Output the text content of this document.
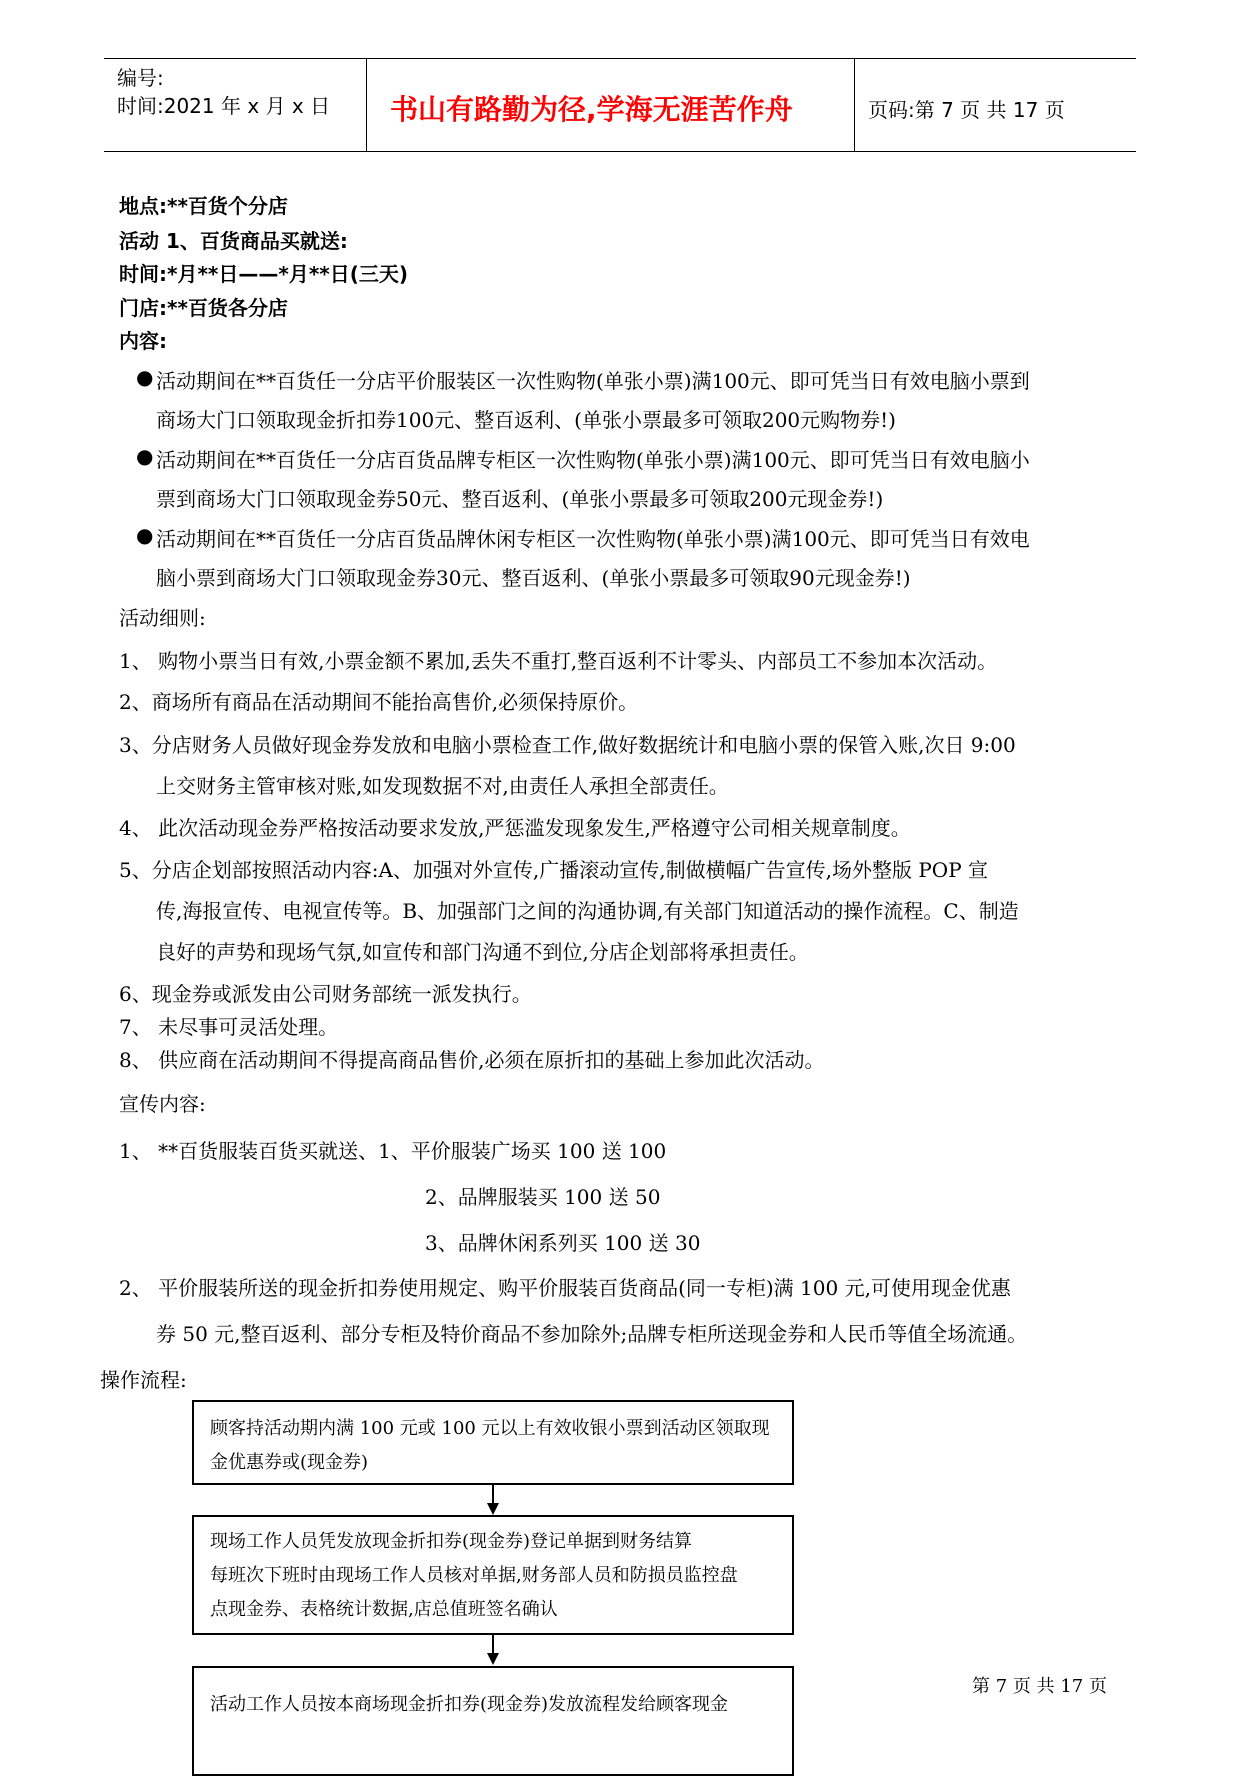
编号:
时间:2021 年 x 月 x 日 书山有路勤为径,学海无涯苦作舟	页码:第 7 页 共 17 页
地点:**百货个分店
活动 1、百货商品买就送:
时间:*月**日——*月**日(三天)
门店:**百货各分店
内容:
● 活动期间在**百货任一分店平价服装区一次性购物(单张小票)满100元、即可凭当日有效电脑小票到
商场大门口领取现金折扣券100元、整百返利、(单张小票最多可领取200元购物券!)
● 活动期间在**百货任一分店百货品牌专柜区一次性购物(单张小票)满100元、即可凭当日有效电脑小
票到商场大门口领取现金券50元、整百返利、(单张小票最多可领取200元现金券!)
● 活动期间在**百货任一分店百货品牌休闲专柜区一次性购物(单张小票)满100元、即可凭当日有效电
脑小票到商场大门口领取现金券30元、整百返利、(单张小票最多可领取90元现金券!)
活动细则:
1、 购物小票当日有效,小票金额不累加,丢失不重打,整百返利不计零头、内部员工不参加本次活动。
2、商场所有商品在活动期间不能抬高售价,必须保持原价。
3、分店财务人员做好现金券发放和电脑小票检查工作,做好数据统计和电脑小票的保管入账,次日 9:00
上交财务主管审核对账,如发现数据不对,由责任人承担全部责任。
4、 此次活动现金券严格按活动要求发放,严惩滥发现象发生,严格遵守公司相关规章制度。
5、分店企划部按照活动内容:A、加强对外宣传,广播滚动宣传,制做横幅广告宣传,场外整版 POP 宣
传,海报宣传、电视宣传等。B、加强部门之间的沟通协调,有关部门知道活动的操作流程。C、制造
良好的声势和现场气氛,如宣传和部门沟通不到位,分店企划部将承担责任。
6、现金券或派发由公司财务部统一派发执行。
7、 未尽事可灵活处理。
8、 供应商在活动期间不得提高商品售价,必须在原折扣的基础上参加此次活动。
宣传内容:
1、 **百货服装百货买就送、1、平价服装广场买 100 送 100
2、品牌服装买 100 送 50
3、品牌休闲系列买 100 送 30
2、 平价服装所送的现金折扣券使用规定、购平价服装百货商品(同一专柜)满 100 元,可使用现金优惠
券 50 元,整百返利、部分专柜及特价商品不参加除外;品牌专柜所送现金券和人民币等值全场流通。
操作流程:
顾客持活动期内满 100 元或 100 元以上有效收银小票到活动区领取现
金优惠券或(现金券)
现场工作人员凭发放现金折扣券(现金券)登记单据到财务结算
每班次下班时由现场工作人员核对单据,财务部人员和防损员监控盘
点现金券、表格统计数据,店总值班签名确认
活动工作人员按本商场现金折扣券(现金券)发放流程发给顾客现金
第 7 页 共 17 页
